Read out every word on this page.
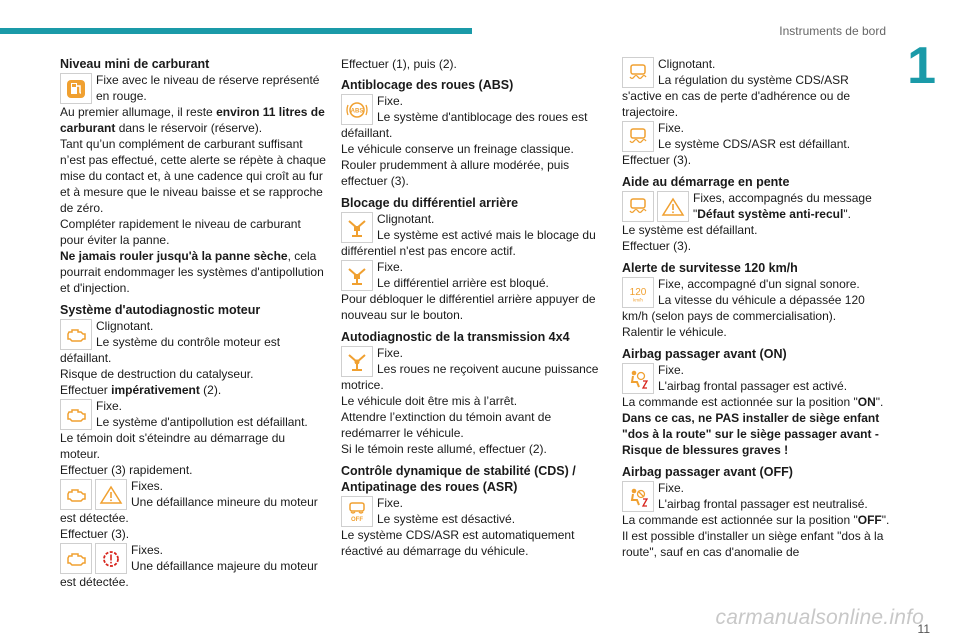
Instruments de bord
1
Niveau mini de carburant
Fixe avec le niveau de réserve représenté
en rouge.
Au premier allumage, il reste environ 11 litres de carburant dans le réservoir (réserve).
Tant qu’un complément de carburant suffisant n’est pas effectué, cette alerte se répète à chaque mise du contact et, à une cadence qui croît au fur et à mesure que le niveau baisse et se rapproche de zéro.
Compléter rapidement le niveau de carburant pour éviter la panne.
Ne jamais rouler jusqu'à la panne sèche, cela pourrait endommager les systèmes d'antipollution et d'injection.
Système d'autodiagnostic moteur
Clignotant.
Le système du contrôle moteur est défaillant.
Risque de destruction du catalyseur.
Effectuer impérativement (2).
Fixe.
Le système d'antipollution est défaillant.
Le témoin doit s'éteindre au démarrage du moteur.
Effectuer (3) rapidement.
Fixes.
Une défaillance mineure du moteur est détectée.
Effectuer (3).
Fixes.
Une défaillance majeure du moteur est détectée.
Effectuer (1), puis (2).
Antiblocage des roues (ABS)
ABS
Fixe.
Le système d'antiblocage des roues est défaillant.
Le véhicule conserve un freinage classique.
Rouler prudemment à allure modérée, puis effectuer (3).
Blocage du différentiel arrière
Clignotant.
Le système est activé mais le blocage du différentiel n'est pas encore actif.
Fixe.
Le différentiel arrière est bloqué.
Pour débloquer le différentiel arrière appuyer de nouveau sur le bouton.
Autodiagnostic de la transmission 4x4
Fixe.
Les roues ne reçoivent aucune puissance motrice.
Le véhicule doit être mis à l’arrêt.
Attendre l’extinction du témoin avant de redémarrer le véhicule.
Si le témoin reste allumé, effectuer (2).
Contrôle dynamique de stabilité (CDS) / Antipatinage des roues (ASR)
OFF
Fixe.
Le système est désactivé.
Le système CDS/ASR est automatiquement réactivé au démarrage du véhicule.
Clignotant.
La régulation du système CDS/ASR s'active en cas de perte d'adhérence ou de trajectoire.
Fixe.
Le système CDS/ASR est défaillant.
Effectuer (3).
Aide au démarrage en pente
Fixes, accompagnés du message
"Défaut système anti-recul".
Le système est défaillant.
Effectuer (3).
Alerte de survitesse 120 km/h
120
km/h
Fixe, accompagné d'un signal sonore.
La vitesse du véhicule a dépassée 120 km/h (selon pays de commercialisation).
Ralentir le véhicule.
Airbag passager avant (ON)
Fixe.
L'airbag frontal passager est activé.
La commande est actionnée sur la position "ON".
Dans ce cas, ne PAS installer de siège enfant "dos à la route" sur le siège passager avant - Risque de blessures graves !
Airbag passager avant (OFF)
Fixe.
L'airbag frontal passager est neutralisé.
La commande est actionnée sur la position "OFF".
Il est possible d'installer un siège enfant "dos à la route", sauf en cas d'anomalie de
carmanualsonline.info
11
